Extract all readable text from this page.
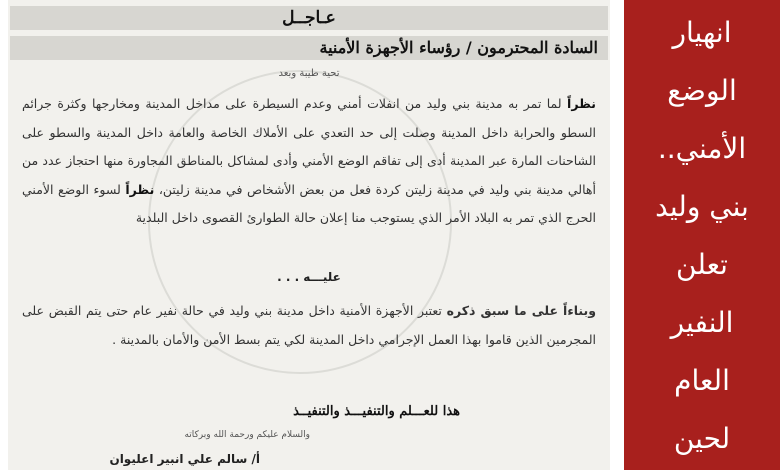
عـاجــل
السادة المحترمون / رؤساء الأجهزة الأمنية
تحية طيبة وبعد
نظراً لما تمر به مدينة بني وليد من انفلات أمني وعدم السيطرة على مداخل المدينة ومخارجها وكثرة جرائم السطو والحرابة داخل المدينة وصلت إلى حد التعدي على الأملاك الخاصة والعامة داخل المدينة والسطو على الشاحنات المارة عبر المدينة أدى إلى تفاقم الوضع الأمني وأدى لمشاكل بالمناطق المجاورة منها احتجاز عدد من أهالي مدينة بني وليد في مدينة زليتن كردة فعل من بعض الأشخاص في مدينة زليتن، نظراً لسوء الوضع الأمني الحرج الذي تمر به البلاد الأمر الذي يستوجب منا إعلان حالة الطوارئ القصوى داخل البلدية
عليـــه . . .
وبناءاً على ما سبق ذكره تعتبر الأجهزة الأمنية داخل مدينة بني وليد في حالة نفير عام حتى يتم القبض على المجرمين الذين قاموا بهذا العمل الإجرامي داخل المدينة لكي يتم بسط الأمن والأمان بالمدينة .
هذا للعـــلم والتنفيـــذ والتنفيــذ
والسلام عليكم ورحمة الله وبركاته
أ/ سالم علي انبير اعليوان
انهيار
الوضع
الأمني..
بني وليد
تعلن
النفير
العام
لحين
